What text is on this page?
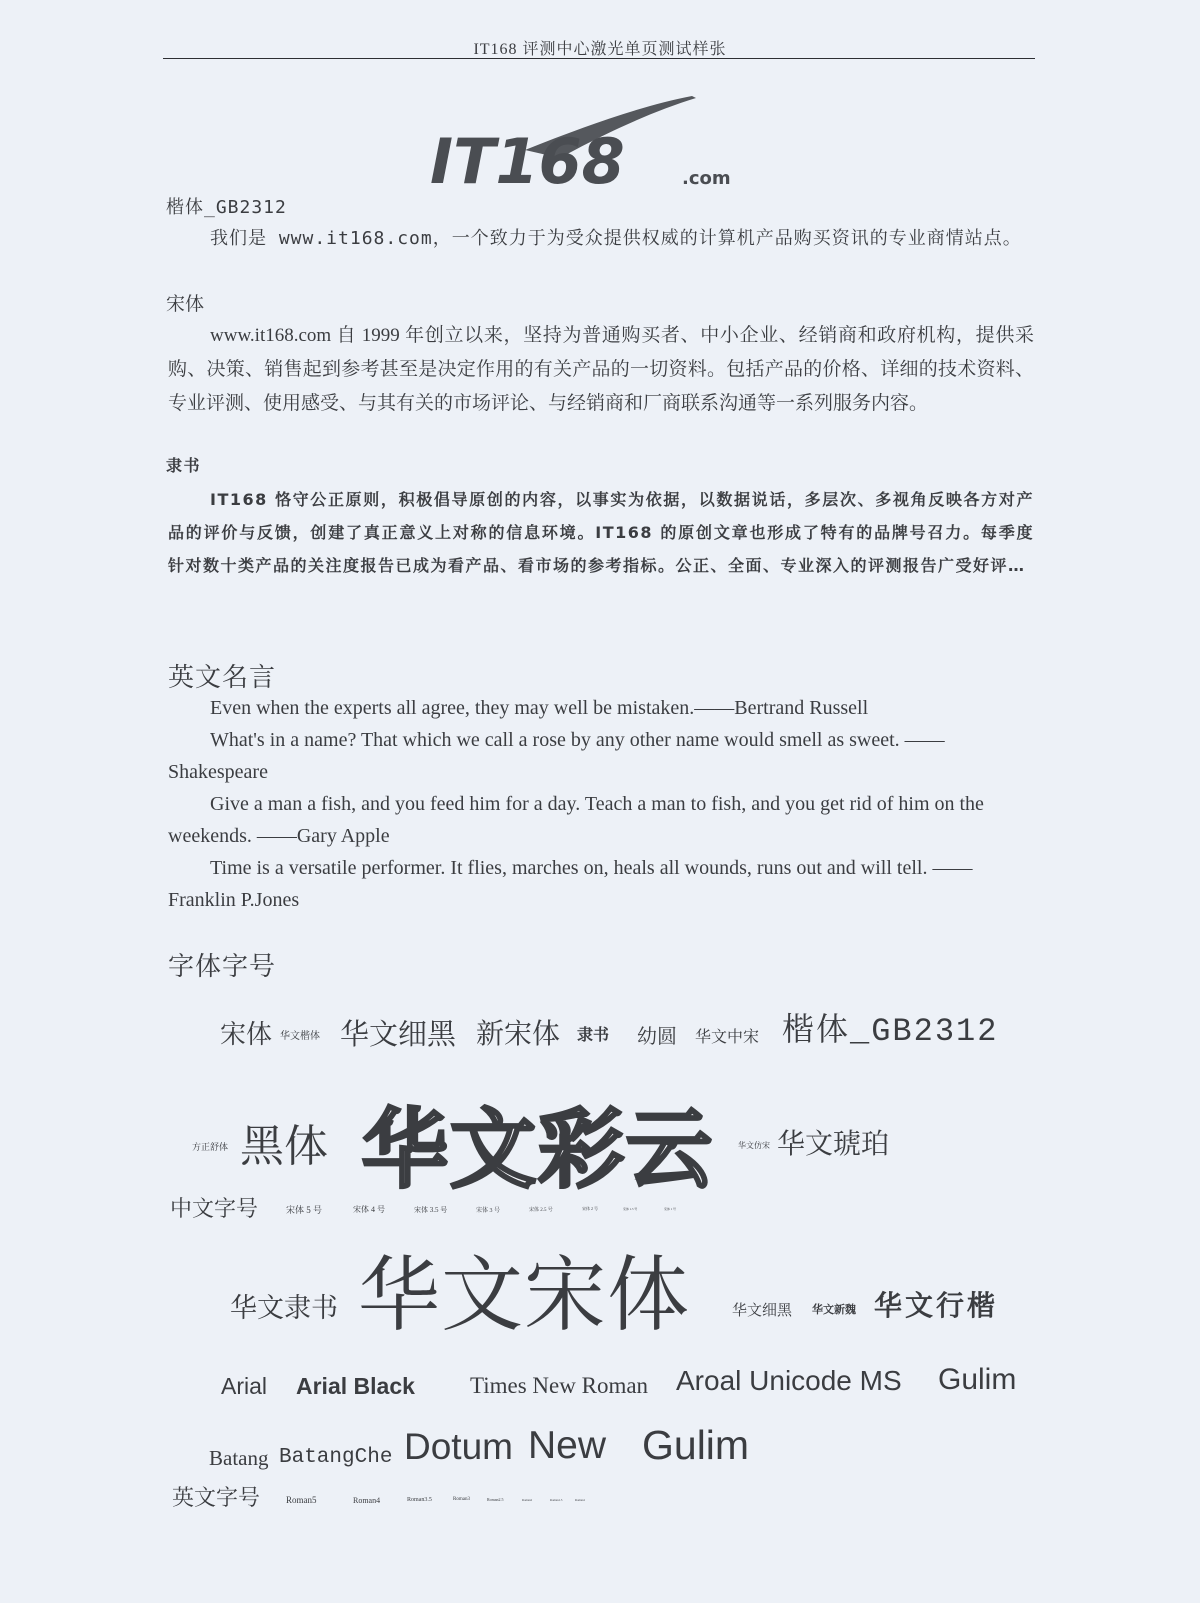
IT168 评测中心激光单页测试样张
IT168	.com
楷体_GB2312
我们是 www.it168.com，一个致力于为受众提供权威的计算机产品购买资讯的专业商情站点。
宋体
www.it168.com 自 1999 年创立以来，坚持为普通购买者、中小企业、经销商和政府机构，提供采购、决策、销售起到参考甚至是决定作用的有关产品的一切资料。包括产品的价格、详细的技术资料、专业评测、使用感受、与其有关的市场评论、与经销商和厂商联系沟通等一系列服务内容。
隶书
IT168 恪守公正原则，积极倡导原创的内容，以事实为依据，以数据说话，多层次、多视角反映各方对产品的评价与反馈，创建了真正意义上对称的信息环境。IT168 的原创文章也形成了特有的品牌号召力。每季度针对数十类产品的关注度报告已成为看产品、看市场的参考指标。公正、全面、专业深入的评测报告广受好评…
英文名言

Even when the experts all agree, they may well be mistaken.——Bertrand Russell

What's in a name? That which we call a rose by any other name would smell as sweet. ——Shakespeare

Give a man a fish, and you feed him for a day. Teach a man to fish, and you get rid of him on the weekends. ——Gary Apple

Time is a versatile performer. It flies, marches on, heals all wounds, runs out and will tell. ——Franklin P.Jones

字体字号
宋体 华文楷体 华文细黑 新宋体 隶书 幼圆 华文中宋 楷体_GB2312
方正舒体 黑体 华文彩云	华文仿宋 华文琥珀
中文字号	宋体 5 号	宋体 4 号	宋体 3.5 号	宋体 3 号	宋体 2.5 号	宋体 2 号	宋体 1.5 号	宋体 1 号
华文隶书 华文宋体	华文细黑 华文新魏 华文行楷
Arial Arial Black Times New Roman Aroal Unicode MS Gulim
Batang BatangChe Dotum New Gulim
英文字号	Roman5	Roman4	Roman3.5	Roman3	Roman2.5	Roman2	Roman1.5	Roman1
